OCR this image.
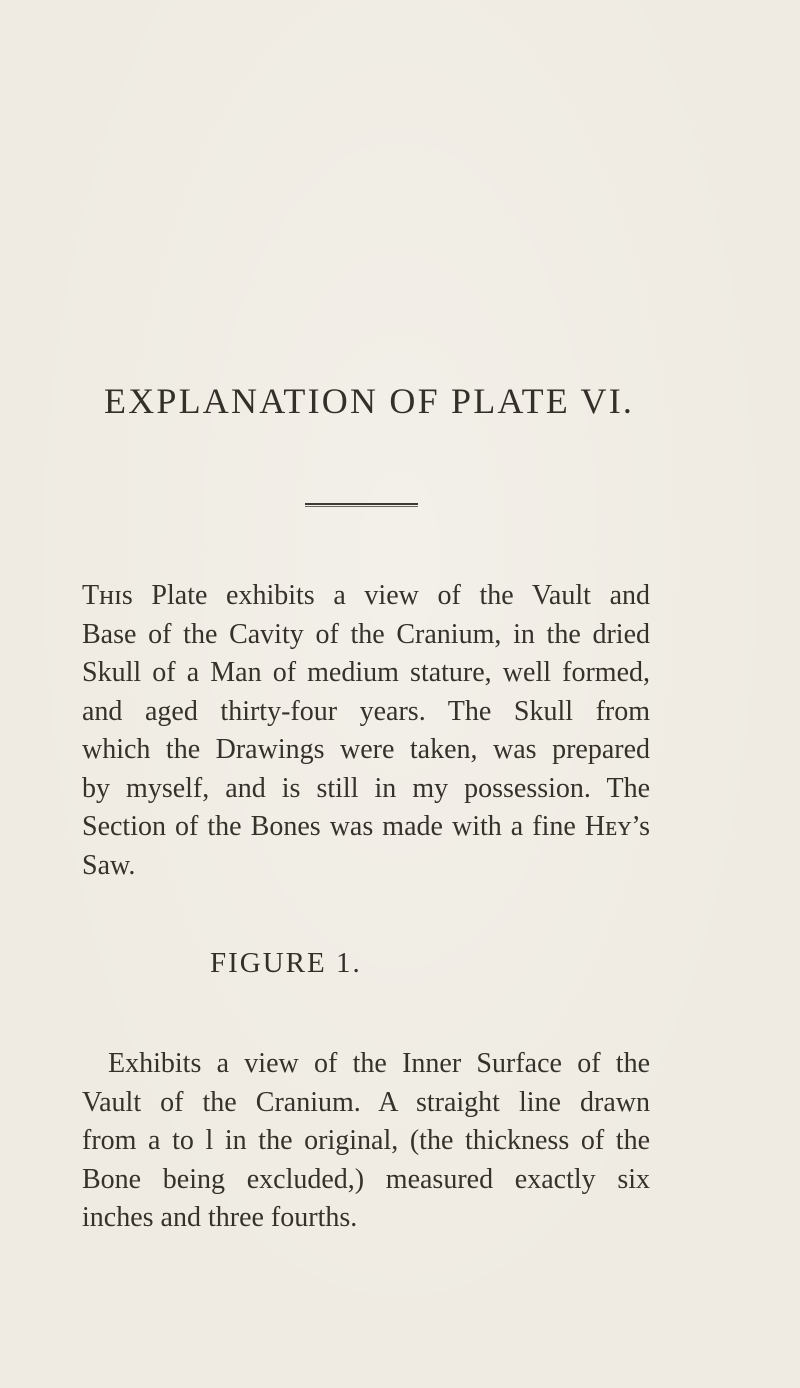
EXPLANATION OF PLATE VI.
Tʜɪs Plate exhibits a view of the Vault and
Base of the Cavity of the Cranium, in the dried
Skull of a Man of medium stature, well formed,
and aged thirty-four years. The Skull from
which the Drawings were taken, was prepared
by myself, and is still in my possession. The
Section of the Bones was made with a fine Hᴇʏ’s
Saw.
FIGURE 1.
Exhibits a view of the Inner Surface of the
Vault of the Cranium. A straight line drawn
from a to l in the original, (the thickness of the
Bone being excluded,) measured exactly six
inches and three fourths.
